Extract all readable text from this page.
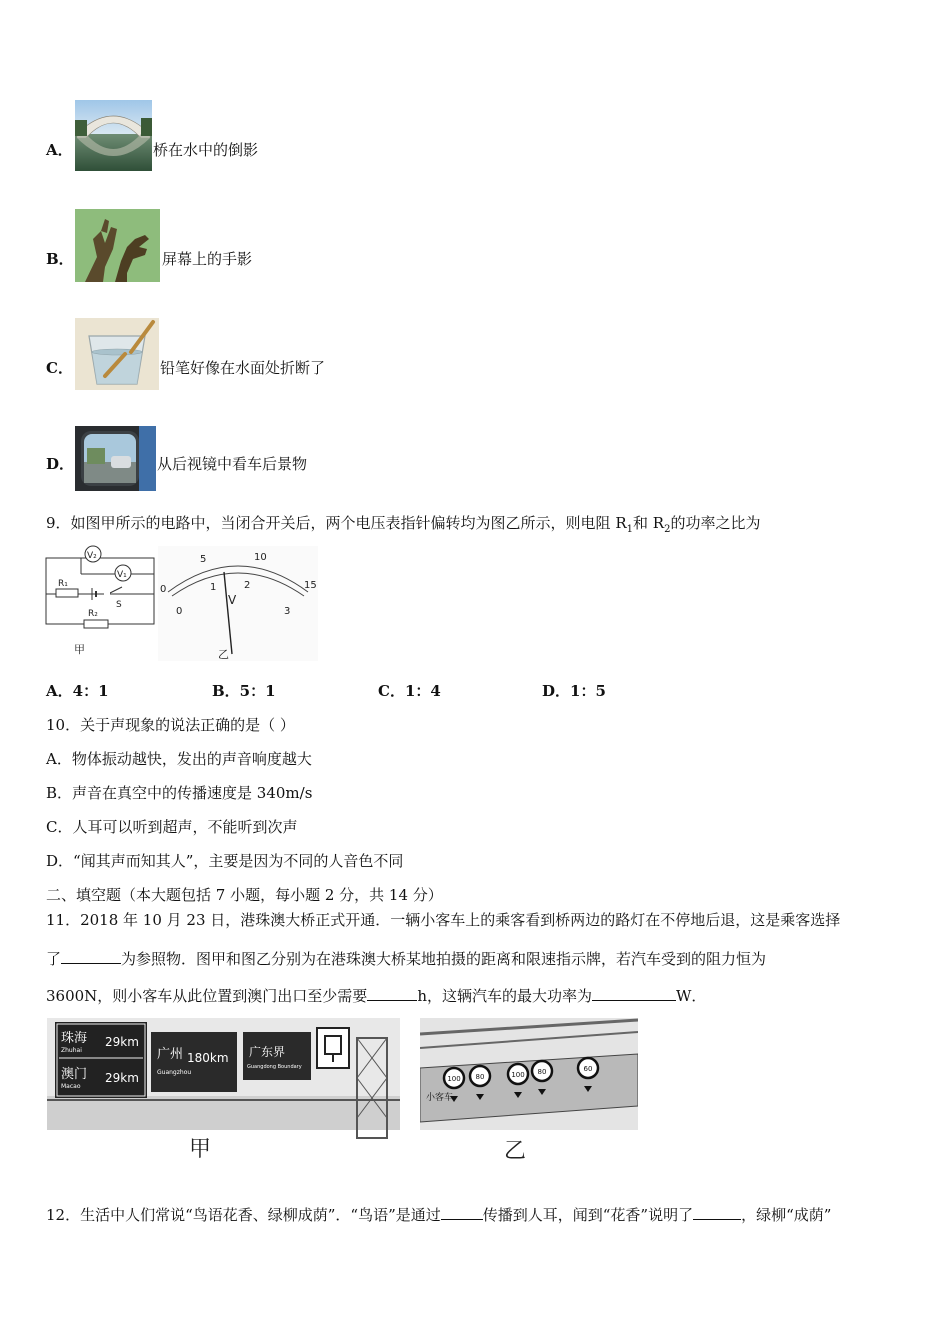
A．	桥在水中的倒影
B．	屏幕上的手影
C．	铅笔好像在水面处折断了
D．	从后视镜中看车后景物
9．如图甲所示的电路中，当闭合开关后，两个电压表指针偏转均为图乙所示，则电阻 $R_1$和 $R_2$的功率之比为
V₂
V₁
R₁
S
R₂
甲
0
5	10
15
0
1	2
3
V
乙
A．4：1	B．5：1	C．1：4	D．1：5
10．关于声现象的说法正确的是（ ）
A．物体振动越快，发出的声音响度越大
B．声音在真空中的传播速度是 340m/s
C．人耳可以听到超声，不能听到次声
D．“闻其声而知其人”，主要是因为不同的人音色不同
二、填空题（本大题包括 7 小题，每小题 2 分，共 14 分）
11．2018 年 10 月 23 日，港珠澳大桥正式开通．一辆小客车上的乘客看到桥两边的路灯在不停地后退，这是乘客选择
了	为参照物．图甲和图乙分别为在港珠澳大桥某地拍摄的距离和限速指示牌，若汽车受到的阻力恒为
3600N，则小客车从此位置到澳门出口至少需要	h，这辆汽车的最大功率为	W．
珠海
Zhuhai
29km
澳门
Macao
29km
广州 180km
Guangzhou
广东界
Guangdong Boundary
甲
100 80	100 80	60
小客车
乙
12．生活中人们常说“鸟语花香、绿柳成荫”．“鸟语”是通过	传播到人耳，闻到“花香”说明了	，绿柳“成荫”
